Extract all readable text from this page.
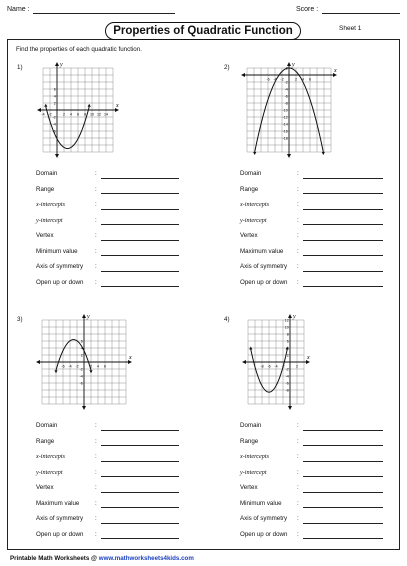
Name :	Score :
Properties of Quadratic Function	Sheet 1
Find the properties of each quadratic function.
1)	2)
3)	4)
x
y
-4 -2	2 4 6 8 10 12 14
6
4
2
-2
-4
-6
x
y
-6 -4 -2	2 4 6
2
-2
-4
-6
-8
-10
-12
-14
-16
-18
x
y
-6 -4 -2	2 4 6
6
4
2
-2
-4
-6
x
y
-8 -6 -4 -2	2
12
10
8
6
2
-2
-4
-6
-8
Domain	:
Range	:
x-intercepts	:
y-intercept	:
Vertex	:
Minimum value	:
Axis of symmetry :
Open up or down :
Domain	:
Range	:
x-intercepts	:
y-intercept	:
Vertex	:
Maximum value :
Axis of symmetry :
Open up or down :
Domain	:
Range	:
x-intercepts	:
y-intercept	:
Vertex	:
Maximum value	:
Axis of symmetry :
Open up or down :
Domain	:
Range	:
x-intercepts	:
y-intercept	:
Vertex	:
Minimum value :
Axis of symmetry :
Open up or down :
Printable Math Worksheets @ www.mathworksheets4kids.com
